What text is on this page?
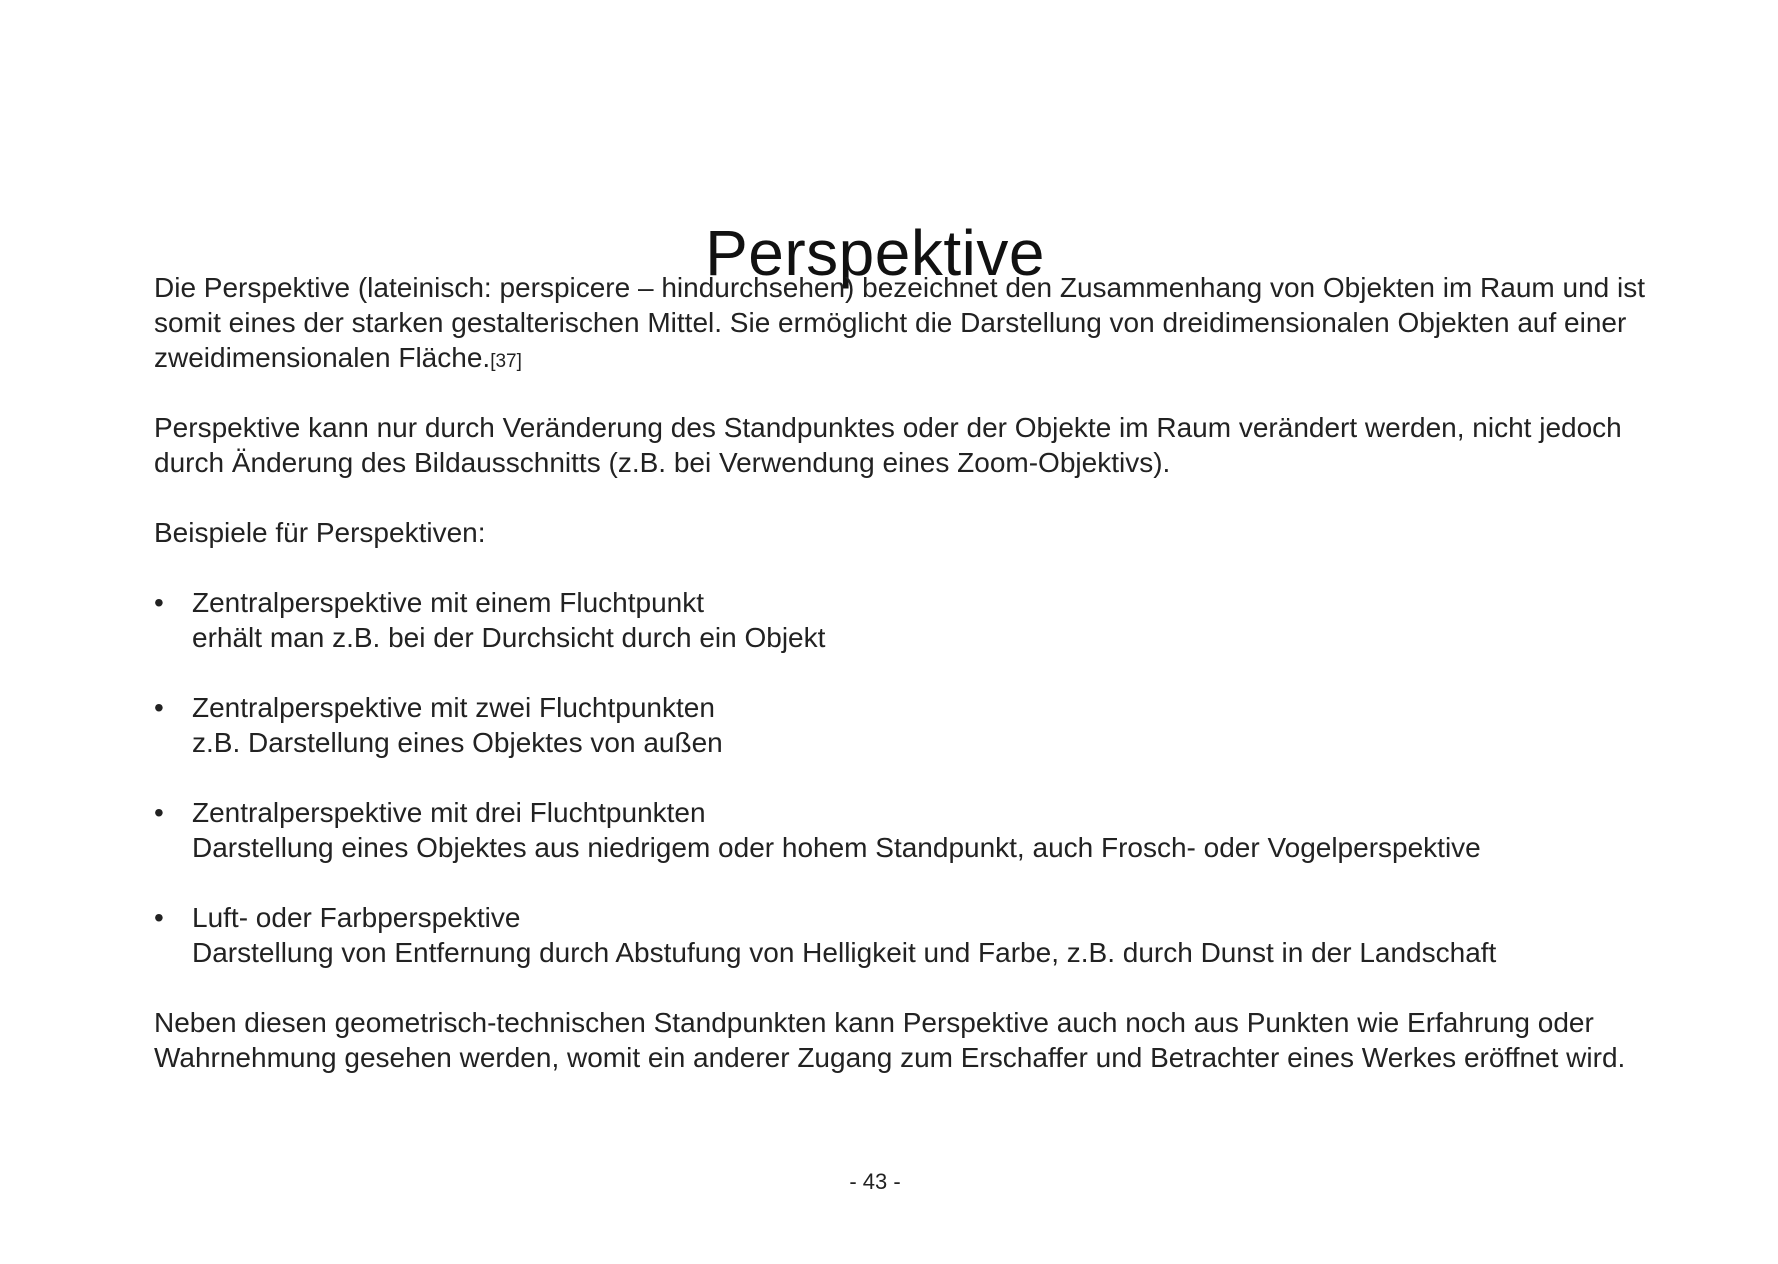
Perspektive

Die Perspektive (lateinisch: perspicere – hindurchsehen) bezeichnet den Zusammenhang von Objekten im Raum und ist
somit eines der starken gestalterischen Mittel. Sie ermöglicht die Darstellung von dreidimensionalen Objekten auf einer
zweidimensionalen Fläche.[37]

Perspektive kann nur durch Veränderung des Standpunktes oder der Objekte im Raum verändert werden, nicht jedoch
durch Änderung des Bildausschnitts (z.B. bei Verwendung eines Zoom-Objektivs).

Beispiele für Perspektiven:

•	Zentralperspektive mit einem Fluchtpunkt
erhält man z.B. bei der Durchsicht durch ein Objekt
•	Zentralperspektive mit zwei Fluchtpunkten
z.B. Darstellung eines Objektes von außen
•	Zentralperspektive mit drei Fluchtpunkten
Darstellung eines Objektes aus niedrigem oder hohem Standpunkt, auch Frosch- oder Vogelperspektive
•	Luft- oder Farbperspektive
Darstellung von Entfernung durch Abstufung von Helligkeit und Farbe, z.B. durch Dunst in der Landschaft

Neben diesen geometrisch-technischen Standpunkten kann Perspektive auch noch aus Punkten wie Erfahrung oder
Wahrnehmung gesehen werden, womit ein anderer Zugang zum Erschaffer und Betrachter eines Werkes eröffnet wird.

- 43 -
